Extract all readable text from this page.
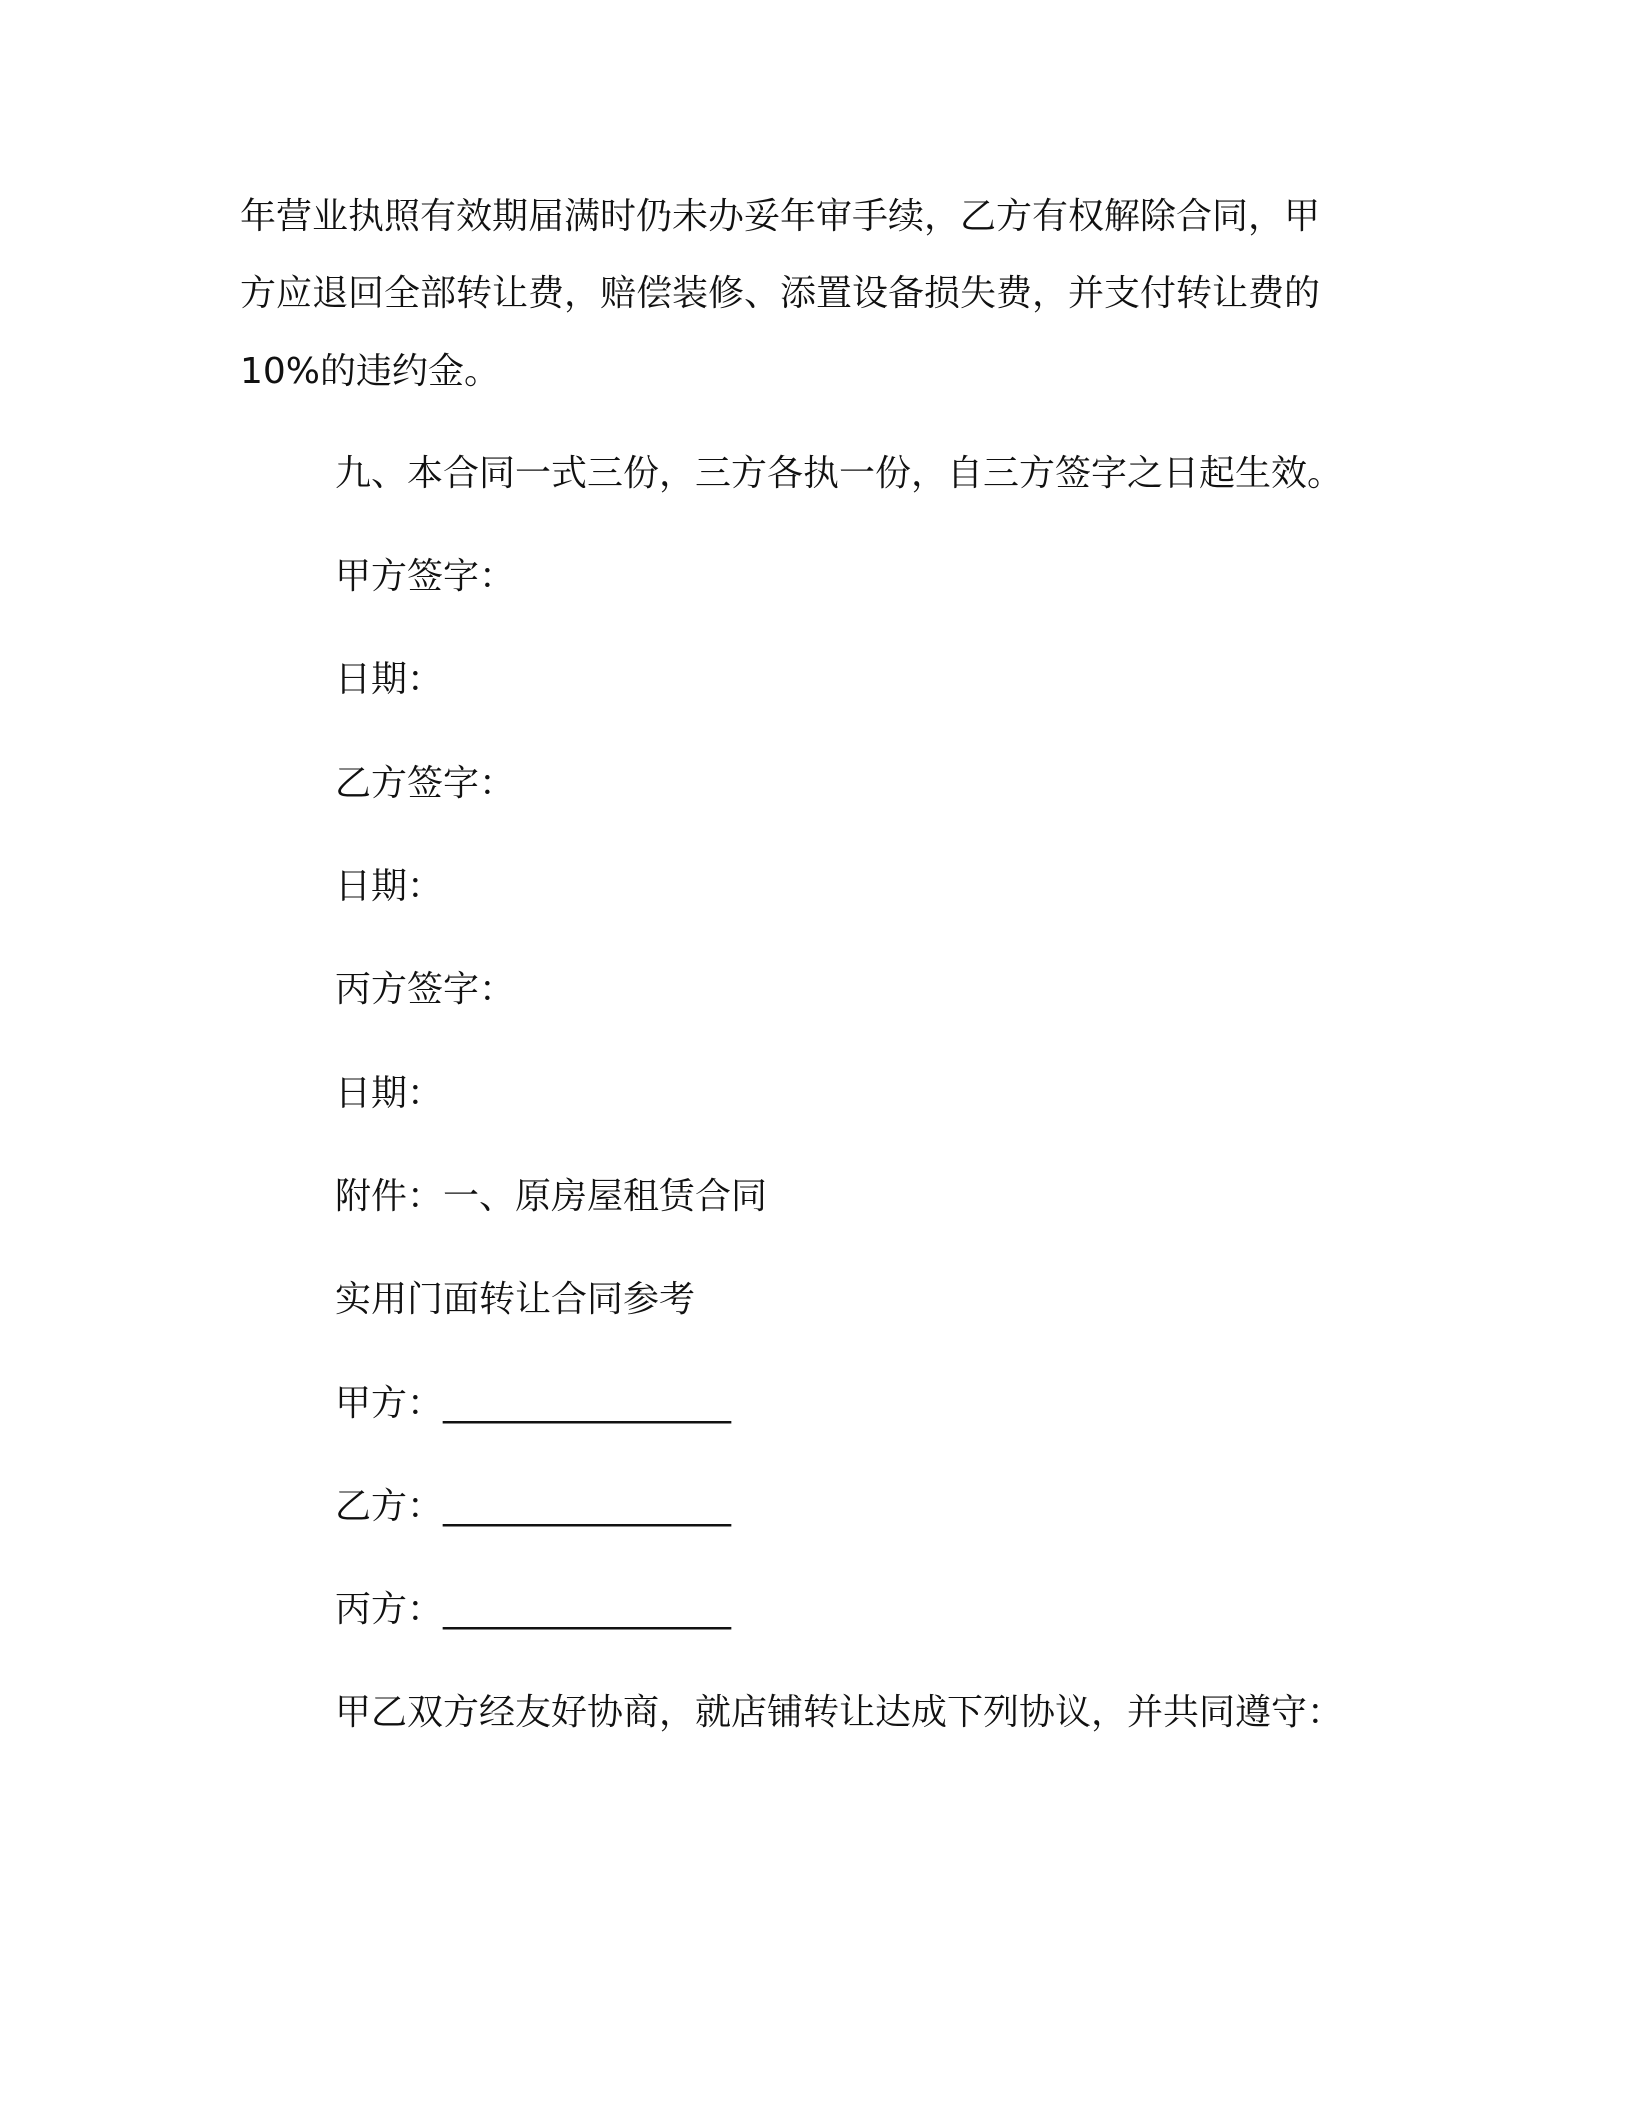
年营业执照有效期届满时仍未办妥年审手续，乙方有权解除合同，甲
方应退回全部转让费，赔偿装修、添置设备损失费，并支付转让费的
10%的违约金。
九、本合同一式三份，三方各执一份，自三方签字之日起生效。
甲方签字：
日期：
乙方签字：
日期：
丙方签字：
日期：
附件：一、原房屋租赁合同
实用门面转让合同参考
甲方：________________
乙方：________________
丙方：________________
甲乙双方经友好协商，就店铺转让达成下列协议，并共同遵守：
